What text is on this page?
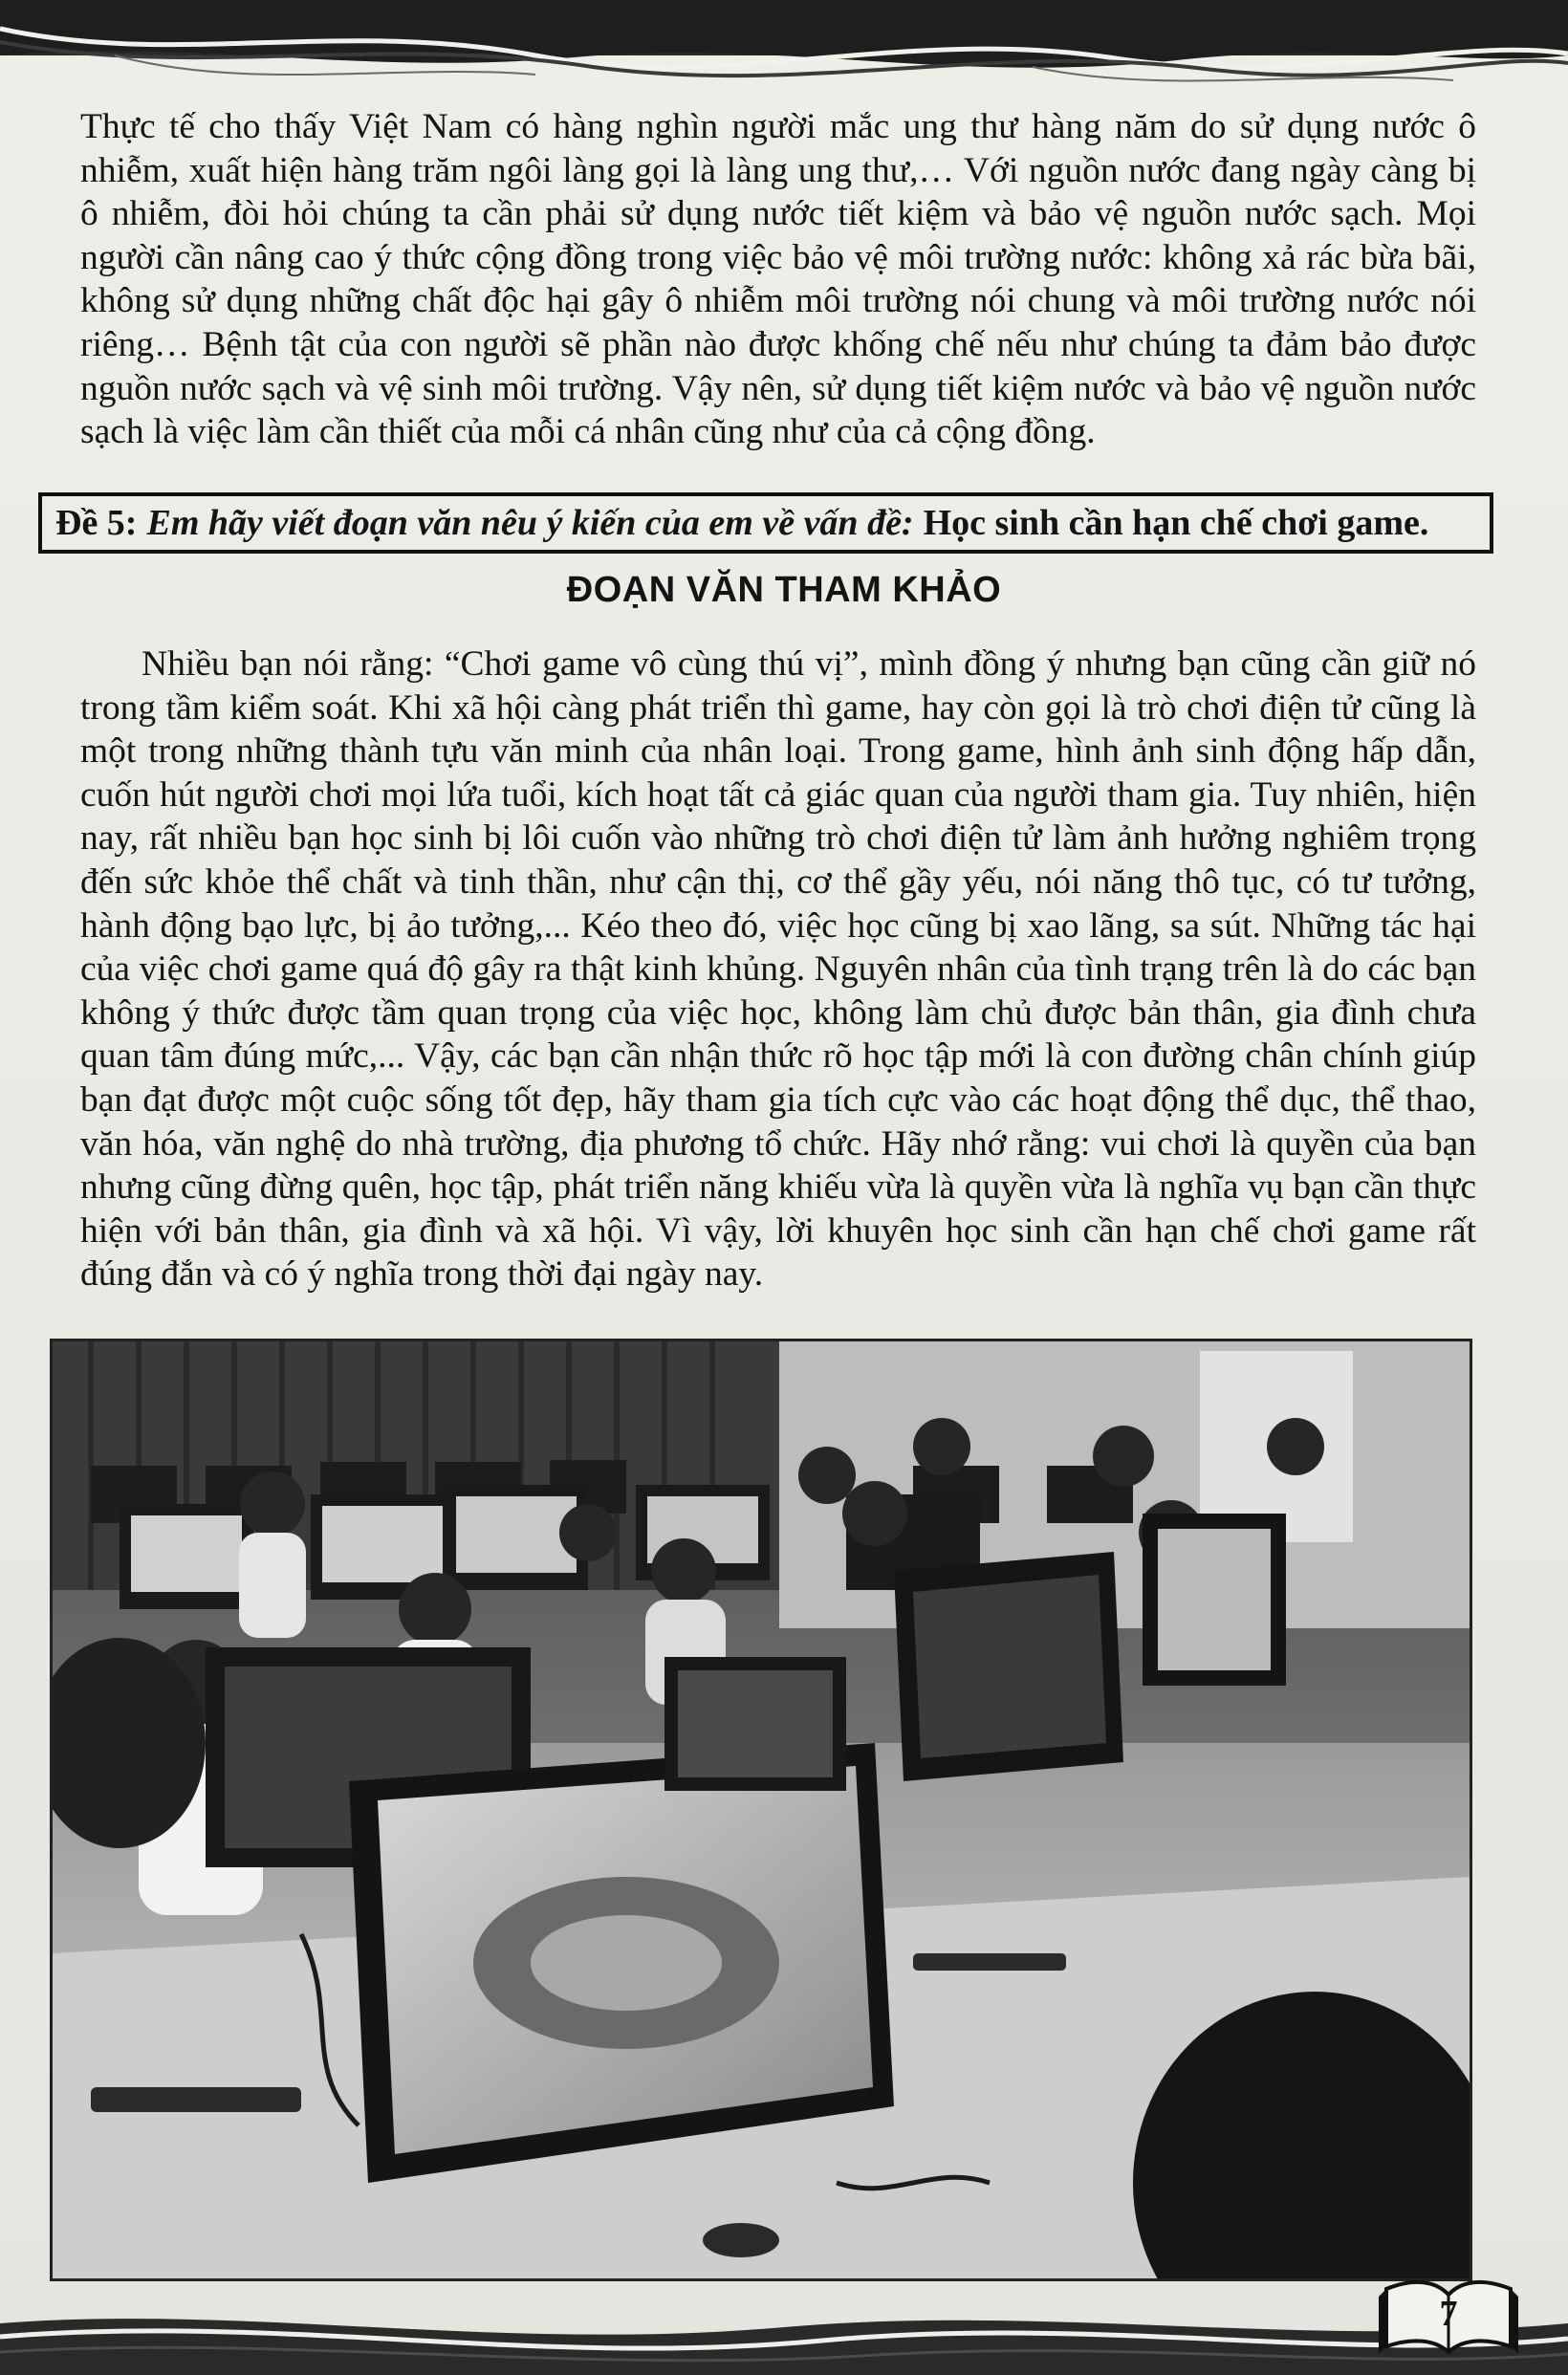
Thực tế cho thấy Việt Nam có hàng nghìn người mắc ung thư hàng năm do sử dụng nước ô nhiễm, xuất hiện hàng trăm ngôi làng gọi là làng ung thư,… Với nguồn nước đang ngày càng bị ô nhiễm, đòi hỏi chúng ta cần phải sử dụng nước tiết kiệm và bảo vệ nguồn nước sạch. Mọi người cần nâng cao ý thức cộng đồng trong việc bảo vệ môi trường nước: không xả rác bừa bãi, không sử dụng những chất độc hại gây ô nhiễm môi trường nói chung và môi trường nước nói riêng… Bệnh tật của con người sẽ phần nào được khống chế nếu như chúng ta đảm bảo được nguồn nước sạch và vệ sinh môi trường. Vậy nên, sử dụng tiết kiệm nước và bảo vệ nguồn nước sạch là việc làm cần thiết của mỗi cá nhân cũng như của cả cộng đồng.

Đề 5: Em hãy viết đoạn văn nêu ý kiến của em về vấn đề: Học sinh cần hạn chế chơi game.
ĐOẠN VĂN THAM KHẢO

Nhiều bạn nói rằng: “Chơi game vô cùng thú vị”, mình đồng ý nhưng bạn cũng cần giữ nó trong tầm kiểm soát. Khi xã hội càng phát triển thì game, hay còn gọi là trò chơi điện tử cũng là một trong những thành tựu văn minh của nhân loại. Trong game, hình ảnh sinh động hấp dẫn, cuốn hút người chơi mọi lứa tuổi, kích hoạt tất cả giác quan của người tham gia. Tuy nhiên, hiện nay, rất nhiều bạn học sinh bị lôi cuốn vào những trò chơi điện tử làm ảnh hưởng nghiêm trọng đến sức khỏe thể chất và tinh thần, như cận thị, cơ thể gầy yếu, nói năng thô tục, có tư tưởng, hành động bạo lực, bị ảo tưởng,... Kéo theo đó, việc học cũng bị xao lãng, sa sút. Những tác hại của việc chơi game quá độ gây ra thật kinh khủng. Nguyên nhân của tình trạng trên là do các bạn không ý thức được tầm quan trọng của việc học, không làm chủ được bản thân, gia đình chưa quan tâm đúng mức,... Vậy, các bạn cần nhận thức rõ học tập mới là con đường chân chính giúp bạn đạt được một cuộc sống tốt đẹp, hãy tham gia tích cực vào các hoạt động thể dục, thể thao, văn hóa, văn nghệ do nhà trường, địa phương tổ chức. Hãy nhớ rằng: vui chơi là quyền của bạn nhưng cũng đừng quên, học tập, phát triển năng khiếu vừa là quyền vừa là nghĩa vụ bạn cần thực hiện với bản thân, gia đình và xã hội. Vì vậy, lời khuyên học sinh cần hạn chế chơi game rất đúng đắn và có ý nghĩa trong thời đại ngày nay.

7
